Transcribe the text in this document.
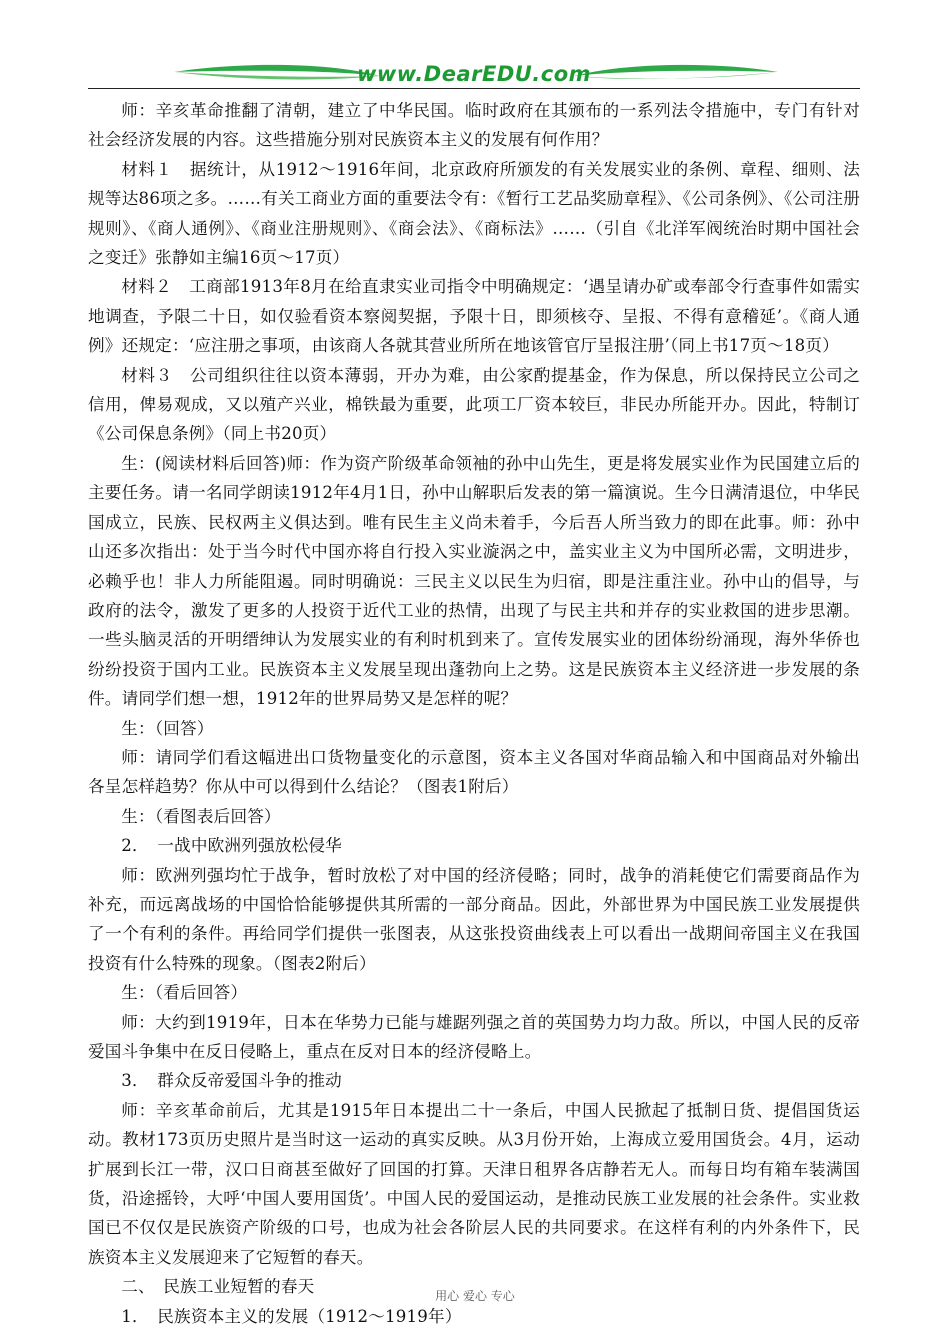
www.DearEDU.com

师：辛亥革命推翻了清朝，建立了中华民国。临时政府在其颁布的一系列法令措施中，专门有针对社会经济发展的内容。这些措施分别对民族资本主义的发展有何作用？

材料１　据统计，从1912～1916年间，北京政府所颁发的有关发展实业的条例、章程、细则、法规等达86项之多。……有关工商业方面的重要法令有：《暂行工艺品奖励章程》、《公司条例》、《公司注册规则》、《商人通例》、《商业注册规则》、《商会法》、《商标法》……（引自《北洋军阀统治时期中国社会之变迁》张静如主编16页～17页）

材料２　工商部1913年8月在给直隶实业司指令中明确规定：‘遇呈请办矿或奉部令行查事件如需实地调查，予限二十日，如仅验看资本察阅契据，予限十日，即须核夺、呈报、不得有意稽延’。《商人通例》还规定：‘应注册之事项，由该商人各就其营业所所在地该管官厅呈报注册’（同上书17页～18页）

材料３　公司组织往往以资本薄弱，开办为难，由公家酌提基金，作为保息，所以保持民立公司之信用，俾易观成，又以殖产兴业，棉铁最为重要，此项工厂资本较巨，非民办所能开办。因此，特制订《公司保息条例》（同上书20页）

生：(阅读材料后回答)师：作为资产阶级革命领袖的孙中山先生，更是将发展实业作为民国建立后的主要任务。请一名同学朗读1912年4月1日，孙中山解职后发表的第一篇演说。生今日满清退位，中华民国成立，民族、民权两主义俱达到。唯有民生主义尚未着手，今后吾人所当致力的即在此事。师：孙中山还多次指出：处于当今时代中国亦将自行投入实业漩涡之中，盖实业主义为中国所必需，文明进步，必赖乎也！非人力所能阻遏。同时明确说：三民主义以民生为归宿，即是注重注业。孙中山的倡导，与政府的法令，激发了更多的人投资于近代工业的热情，出现了与民主共和并存的实业救国的进步思潮。一些头脑灵活的开明缙绅认为发展实业的有利时机到来了。宣传发展实业的团体纷纷涌现，海外华侨也纷纷投资于国内工业。民族资本主义发展呈现出蓬勃向上之势。这是民族资本主义经济进一步发展的条件。请同学们想一想，1912年的世界局势又是怎样的呢？

生：（回答）

师：请同学们看这幅进出口货物量变化的示意图，资本主义各国对华商品输入和中国商品对外输出各呈怎样趋势？你从中可以得到什么结论？（图表1附后）

生：（看图表后回答）

2．　一战中欧洲列强放松侵华

师：欧洲列强均忙于战争，暂时放松了对中国的经济侵略；同时，战争的消耗使它们需要商品作为补充，而远离战场的中国恰恰能够提供其所需的一部分商品。因此，外部世界为中国民族工业发展提供了一个有利的条件。再给同学们提供一张图表，从这张投资曲线表上可以看出一战期间帝国主义在我国投资有什么特殊的现象。（图表2附后）

生：（看后回答）

师：大约到1919年，日本在华势力已能与雄踞列强之首的英国势力均力敌。所以，中国人民的反帝爱国斗争集中在反日侵略上，重点在反对日本的经济侵略上。

3．　群众反帝爱国斗争的推动

师：辛亥革命前后，尤其是1915年日本提出二十一条后，中国人民掀起了抵制日货、提倡国货运动。教材173页历史照片是当时这一运动的真实反映。从3月份开始，上海成立爱用国货会。4月，运动扩展到长江一带，汉口日商甚至做好了回国的打算。天津日租界各店静若无人。而每日均有箱车装满国货，沿途摇铃，大呼‘中国人要用国货’。中国人民的爱国运动，是推动民族工业发展的社会条件。实业救国已不仅仅是民族资产阶级的口号，也成为社会各阶层人民的共同要求。在这样有利的内外条件下，民族资本主义发展迎来了它短暂的春天。

二、　民族工业短暂的春天

1．　民族资本主义的发展（1912～1919年）

用心 爱心 专心
